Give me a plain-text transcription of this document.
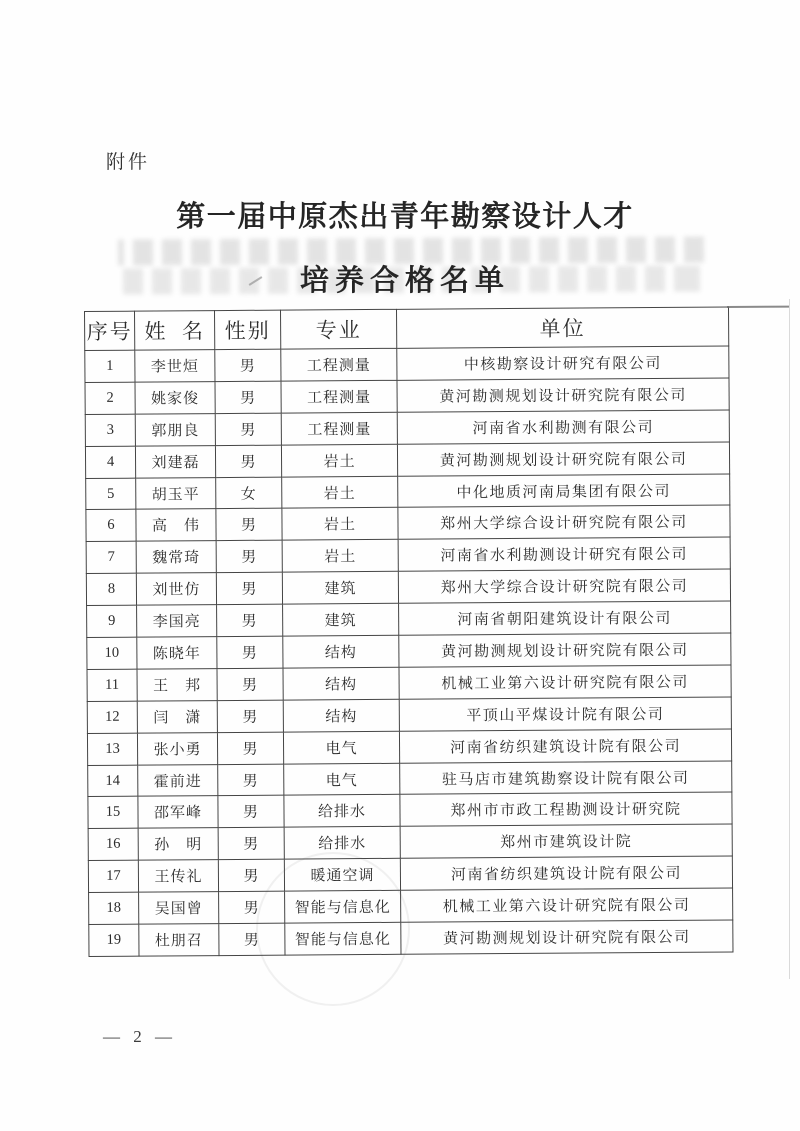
附件
第一届中原杰出青年勘察设计人才
培养合格名单
序号	姓  名	性别	专业	单位
1	李世烜	男	工程测量	中核勘察设计研究有限公司
2	姚家俊	男	工程测量	黄河勘测规划设计研究院有限公司
3	郭朋良	男	工程测量	河南省水利勘测有限公司
4	刘建磊	男	岩土	黄河勘测规划设计研究院有限公司
5	胡玉平	女	岩土	中化地质河南局集团有限公司
6	高　伟	男	岩土	郑州大学综合设计研究院有限公司
7	魏常琦	男	岩土	河南省水利勘测设计研究有限公司
8	刘世仿	男	建筑	郑州大学综合设计研究院有限公司
9	李国亮	男	建筑	河南省朝阳建筑设计有限公司
10	陈晓年	男	结构	黄河勘测规划设计研究院有限公司
11	王　邦	男	结构	机械工业第六设计研究院有限公司
12	闫　潇	男	结构	平顶山平煤设计院有限公司
13	张小勇	男	电气	河南省纺织建筑设计院有限公司
14	霍前进	男	电气	驻马店市建筑勘察设计院有限公司
15	邵军峰	男	给排水	郑州市市政工程勘测设计研究院
16	孙　明	男	给排水	郑州市建筑设计院
17	王传礼	男	暖通空调	河南省纺织建筑设计院有限公司
18	吴国曾	男	智能与信息化	机械工业第六设计研究院有限公司
19	杜朋召	男	智能与信息化	黄河勘测规划设计研究院有限公司
— 2 —
